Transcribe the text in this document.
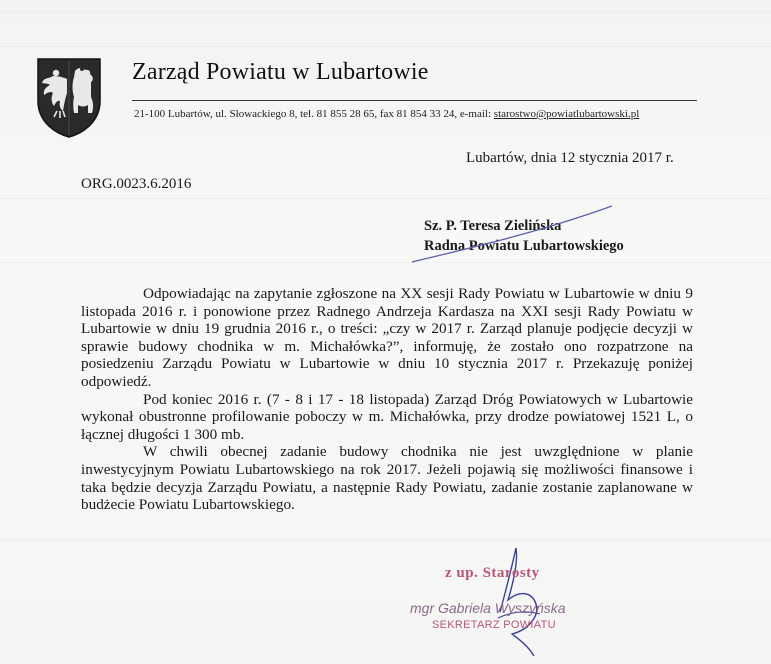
Zarząd Powiatu w Lubartowie
21-100 Lubartów, ul. Słowackiego 8, tel. 81 855 28 65, fax 81 854 33 24, e-mail: starostwo@powiatlubartowski.pl
Lubartów, dnia 12 stycznia 2017 r.
ORG.0023.6.2016
Sz. P. Teresa Zielińska
Radna Powiatu Lubartowskiego

Odpowiadając na zapytanie zgłoszone na XX sesji Rady Powiatu w Lubartowie w dniu 9 listopada 2016 r. i ponowione przez Radnego Andrzeja Kardasza na XXI sesji Rady Powiatu w Lubartowie w dniu 19 grudnia 2016 r., o treści: „czy w 2017 r. Zarząd planuje podjęcie decyzji w sprawie budowy chodnika w m. Michałówka?”, informuję, że zostało ono rozpatrzone na posiedzeniu Zarządu Powiatu w Lubartowie w dniu 10 stycznia 2017 r. Przekazuję poniżej odpowiedź.

Pod koniec 2016 r. (7 - 8 i 17 - 18 listopada) Zarząd Dróg Powiatowych w Lubartowie wykonał obustronne profilowanie poboczy w m. Michałówka, przy drodze powiatowej 1521 L, o łącznej długości 1 300 mb.

W chwili obecnej zadanie budowy chodnika nie jest uwzględnione w planie inwestycyjnym Powiatu Lubartowskiego na rok 2017. Jeżeli pojawią się możliwości finansowe i taka będzie decyzja Zarządu Powiatu, a następnie Rady Powiatu, zadanie zostanie zaplanowane w budżecie Powiatu Lubartowskiego.

z up. Starosty
mgr Gabriela Wyszyńska
SEKRETARZ POWIATU
